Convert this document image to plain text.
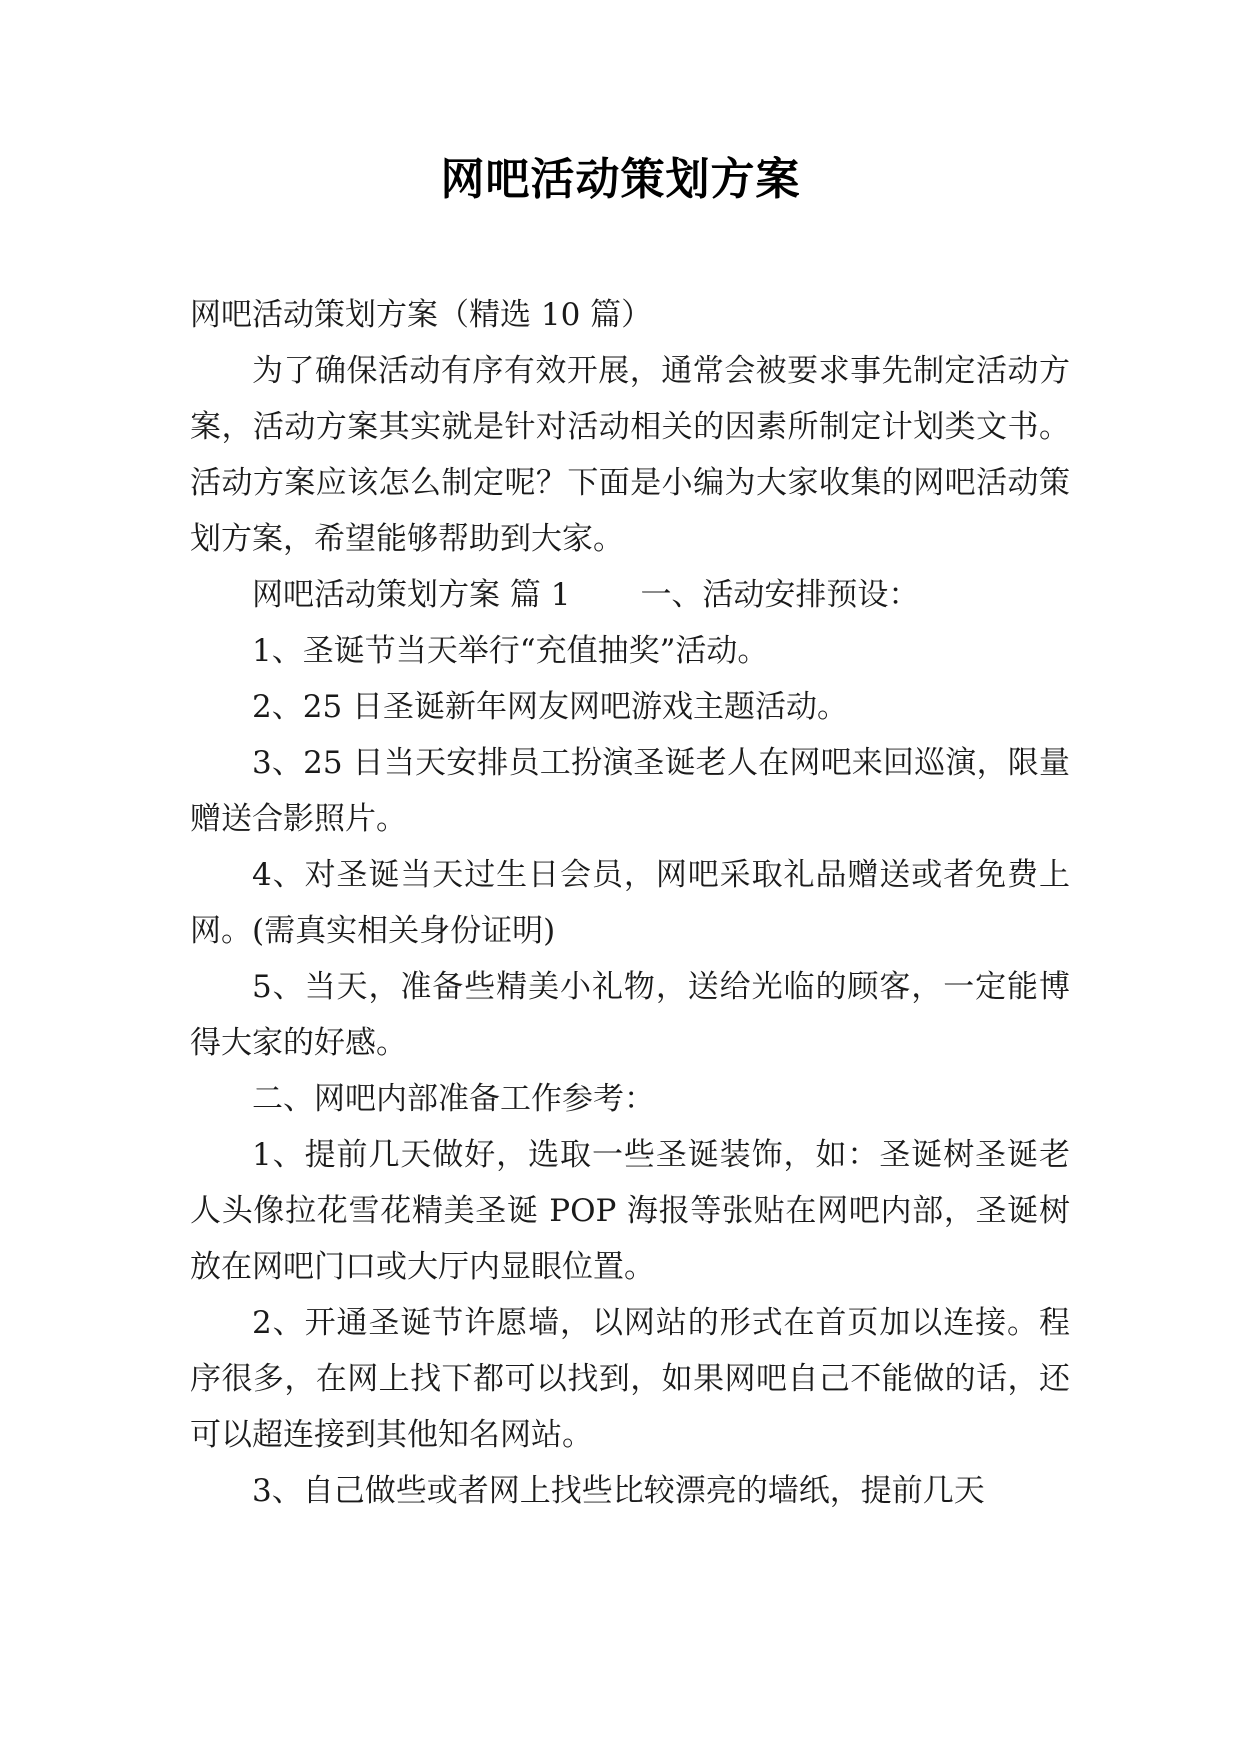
网吧活动策划方案

网吧活动策划方案（精选 10 篇）

为了确保活动有序有效开展，通常会被要求事先制定活动方案，活动方案其实就是针对活动相关的因素所制定计划类文书。活动方案应该怎么制定呢？下面是小编为大家收集的网吧活动策划方案，希望能够帮助到大家。

网吧活动策划方案 篇 1 一、活动安排预设：

1、圣诞节当天举行“充值抽奖”活动。

2、25 日圣诞新年网友网吧游戏主题活动。

3、25 日当天安排员工扮演圣诞老人在网吧来回巡演，限量赠送合影照片。

4、对圣诞当天过生日会员，网吧采取礼品赠送或者免费上网。(需真实相关身份证明)

5、当天，准备些精美小礼物，送给光临的顾客，一定能博得大家的好感。

二、网吧内部准备工作参考：

1、提前几天做好，选取一些圣诞装饰，如：圣诞树圣诞老人头像拉花雪花精美圣诞 POP 海报等张贴在网吧内部，圣诞树放在网吧门口或大厅内显眼位置。

2、开通圣诞节许愿墙，以网站的形式在首页加以连接。程序很多，在网上找下都可以找到，如果网吧自己不能做的话，还可以超连接到其他知名网站。

3、自己做些或者网上找些比较漂亮的墙纸，提前几天
